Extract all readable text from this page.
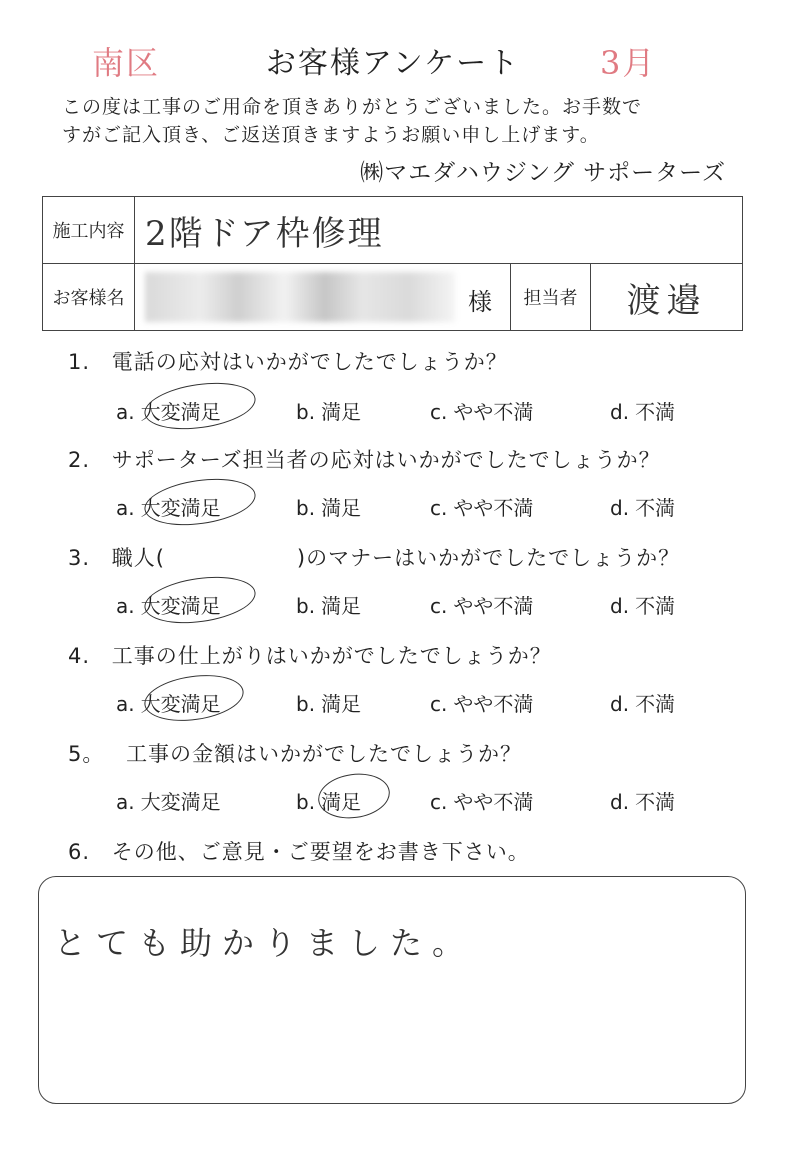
南区	お客様アンケート	3月
この度は工事のご用命を頂きありがとうございました。お手数で
すがご記入頂き、ご返送頂きますようお願い申し上げます。
㈱マエダハウジング サポーターズ
施工内容	2階ドア枠修理		
お客様名	様	担当者	渡邉
1. 電話の応対はいかがでしたでしょうか？
a. 大変満足	b. 満足	c. やや不満	d. 不満
2. サポーターズ担当者の応対はいかがでしたでしょうか？
a. 大変満足	b. 満足	c. やや不満	d. 不満
3. 職人(　　　　　　)のマナーはいかがでしたでしょうか？
a. 大変満足	b. 満足	c. やや不満	d. 不満
4. 工事の仕上がりはいかがでしたでしょうか？
a. 大変満足	b. 満足	c. やや不満	d. 不満
5。 工事の金額はいかがでしたでしょうか？
a. 大変満足	b. 満足	c. やや不満	d. 不満
6. その他、ご意見・ご要望をお書き下さい。
とても助かりました。
